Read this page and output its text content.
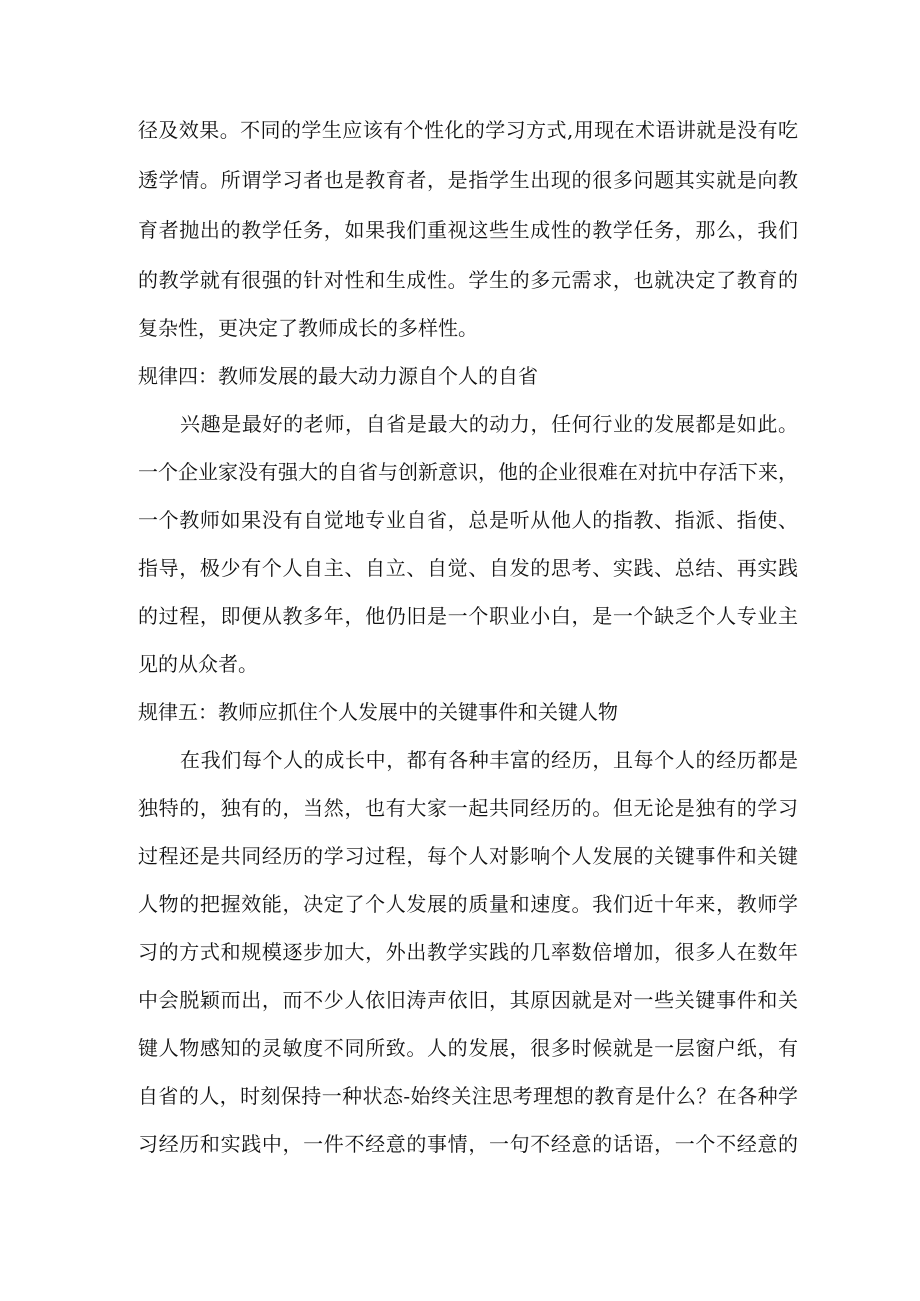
径及效果。不同的学生应该有个性化的学习方式,用现在术语讲就是没有吃
透学情。所谓学习者也是教育者，是指学生出现的很多问题其实就是向教
育者抛出的教学任务，如果我们重视这些生成性的教学任务，那么，我们
的教学就有很强的针对性和生成性。学生的多元需求，也就决定了教育的
复杂性，更决定了教师成长的多样性。
规律四：教师发展的最大动力源自个人的自省
兴趣是最好的老师，自省是最大的动力，任何行业的发展都是如此。
一个企业家没有强大的自省与创新意识，他的企业很难在对抗中存活下来，
一个教师如果没有自觉地专业自省，总是听从他人的指教、指派、指使、
指导，极少有个人自主、自立、自觉、自发的思考、实践、总结、再实践
的过程，即便从教多年，他仍旧是一个职业小白，是一个缺乏个人专业主
见的从众者。
规律五：教师应抓住个人发展中的关键事件和关键人物
在我们每个人的成长中，都有各种丰富的经历，且每个人的经历都是
独特的，独有的，当然，也有大家一起共同经历的。但无论是独有的学习
过程还是共同经历的学习过程，每个人对影响个人发展的关键事件和关键
人物的把握效能，决定了个人发展的质量和速度。我们近十年来，教师学
习的方式和规模逐步加大，外出教学实践的几率数倍增加，很多人在数年
中会脱颖而出，而不少人依旧涛声依旧，其原因就是对一些关键事件和关
键人物感知的灵敏度不同所致。人的发展，很多时候就是一层窗户纸，有
自省的人，时刻保持一种状态-始终关注思考理想的教育是什么？在各种学
习经历和实践中，一件不经意的事情，一句不经意的话语，一个不经意的
